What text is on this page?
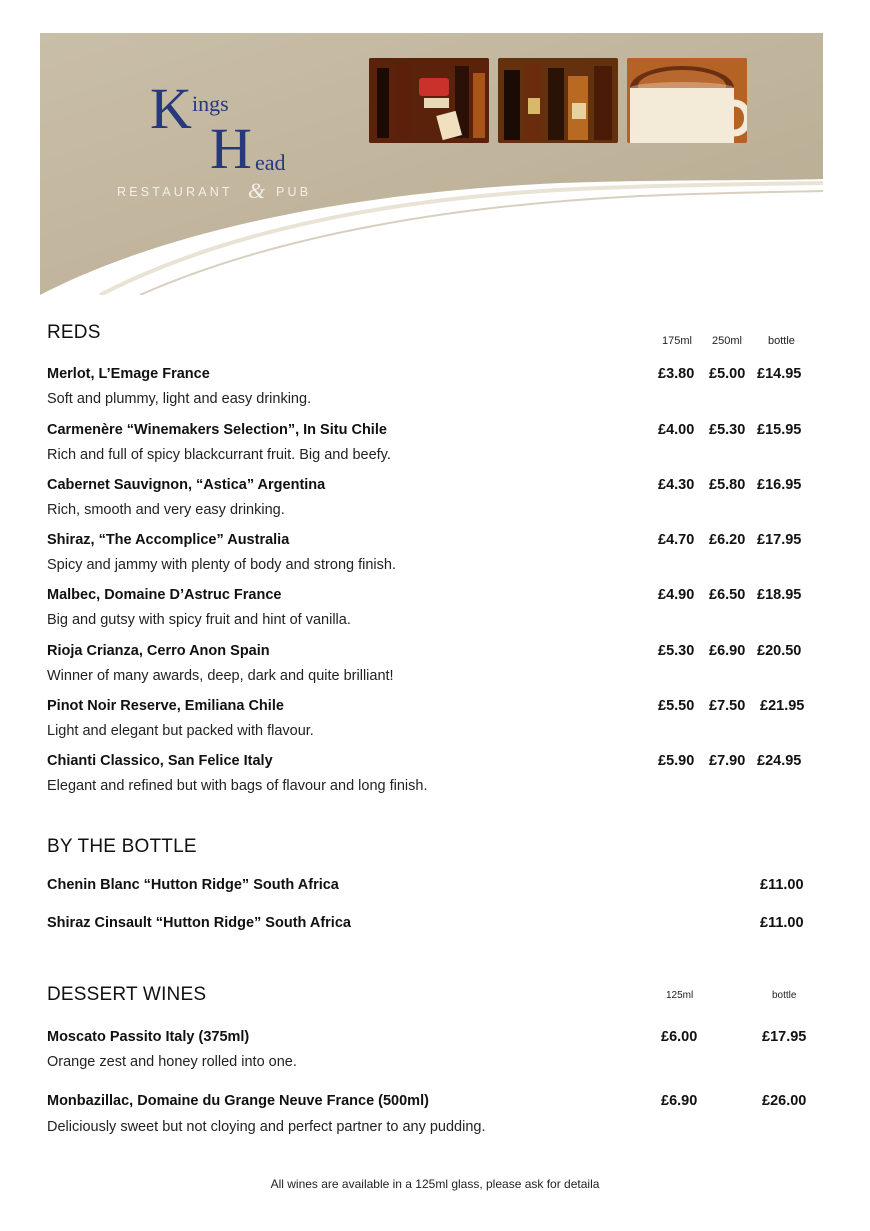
K ings
H ead
RESTAURANT & PUB
REDS	175ml 250ml bottle
Merlot, L’Emage France	£3.80 £5.00 £14.95
Soft and plummy, light and easy drinking.
Carmenère “Winemakers Selection”, In Situ Chile	£4.00 £5.30 £15.95
Rich and full of spicy blackcurrant fruit. Big and beefy.
Cabernet Sauvignon, “Astica” Argentina	£4.30 £5.80 £16.95
Rich, smooth and very easy drinking.
Shiraz, “The Accomplice” Australia	£4.70 £6.20 £17.95
Spicy and jammy with plenty of body and strong finish.
Malbec, Domaine D’Astruc France	£4.90 £6.50 £18.95
Big and gutsy with spicy fruit and hint of vanilla.
Rioja Crianza, Cerro Anon Spain	£5.30 £6.90 £20.50
Winner of many awards, deep, dark and quite brilliant!
Pinot Noir Reserve, Emiliana Chile	£5.50 £7.50 £21.95
Light and elegant but packed with flavour.
Chianti Classico, San Felice Italy	£5.90 £7.90 £24.95
Elegant and refined but with bags of flavour and long finish.
BY THE BOTTLE
Chenin Blanc “Hutton Ridge” South Africa	£11.00
Shiraz Cinsault “Hutton Ridge” South Africa	£11.00
DESSERT WINES	125ml	bottle
Moscato Passito Italy (375ml)	£6.00	£17.95
Orange zest and honey rolled into one.
Monbazillac, Domaine du Grange Neuve France (500ml)	£6.90	£26.00
Deliciously sweet but not cloying and perfect partner to any pudding.
All wines are available in a 125ml glass, please ask for detaila
